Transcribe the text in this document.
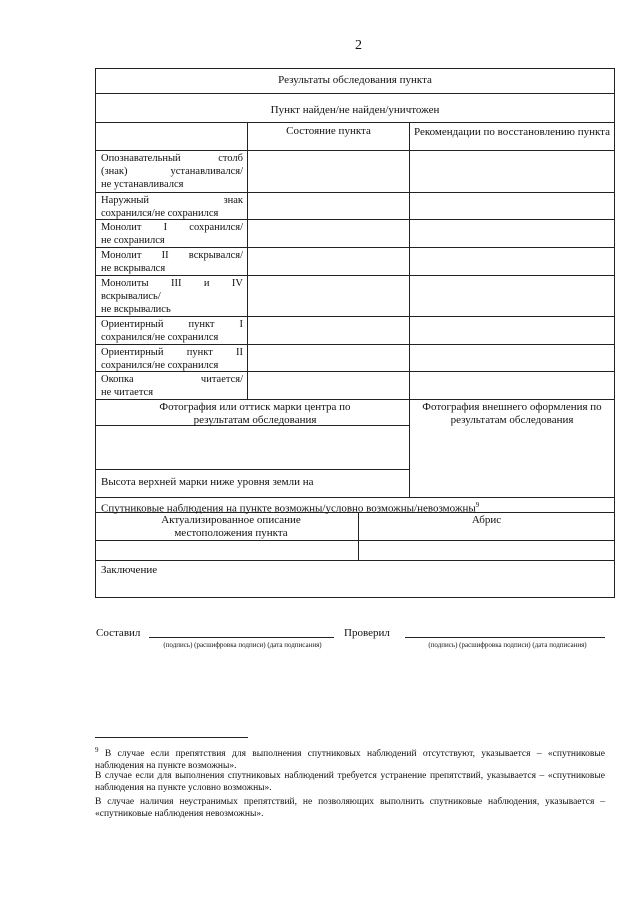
2
Результаты обследования пункта
Пункт найден/не найден/уничтожен
Состояние пункта	Рекомендации по восстановлению пункта
Опознавательный столб
(знак) устанавливался/
не устанавливался
Наружный знак
сохранился/не сохранился
Монолит I сохранился/
не сохранился
Монолит II вскрывался/
не вскрывался
Монолиты III и IV
вскрывались/
не вскрывались
Ориентирный пункт I
сохранился/не сохранился
Ориентирный пункт II
сохранился/не сохранился
Окопка читается/
не читается
Фотография или оттиск марки центра по результатам обследования
Фотография внешнего оформления по результатам обследования
Высота верхней марки ниже уровня земли на
Спутниковые наблюдения на пункте возможны/условно возможны/невозможны$^9$
Актуализированное описание местоположения пункта
Абрис
Заключение
Составил
(подпись) (расшифровка подписи) (дата подписания)
Проверил
(подпись) (расшифровка подписи) (дата подписания)
$^9$ В случае если препятствия для выполнения спутниковых наблюдений отсутствуют, указывается – «спутниковые наблюдения на пункте возможны».
В случае если для выполнения спутниковых наблюдений требуется устранение препятствий, указывается – «спутниковые наблюдения на пункте условно возможны».
В случае наличия неустранимых препятствий, не позволяющих выполнить спутниковые наблюдения, указывается – «спутниковые наблюдения невозможны».
